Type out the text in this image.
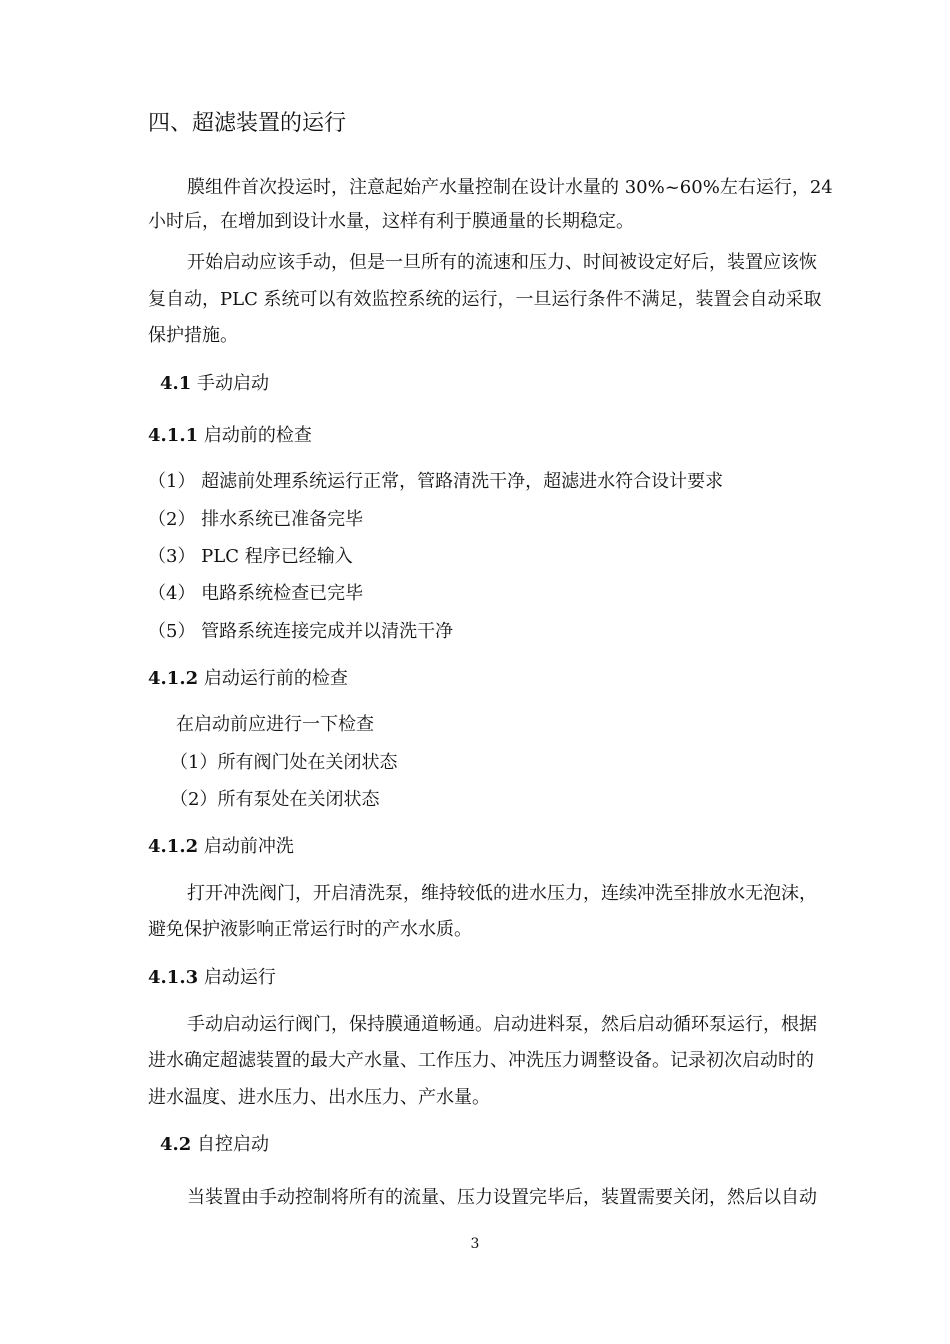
四、超滤装置的运行
膜组件首次投运时，注意起始产水量控制在设计水量的 30%~60%左右运行，24
小时后，在增加到设计水量，这样有利于膜通量的长期稳定。
开始启动应该手动，但是一旦所有的流速和压力、时间被设定好后，装置应该恢
复自动，PLC 系统可以有效监控系统的运行，一旦运行条件不满足，装置会自动采取
保护措施。
4.1 手动启动
4.1.1 启动前的检查
（1） 超滤前处理系统运行正常，管路清洗干净，超滤进水符合设计要求
（2） 排水系统已准备完毕
（3） PLC 程序已经输入
（4） 电路系统检查已完毕
（5） 管路系统连接完成并以清洗干净
4.1.2 启动运行前的检查
在启动前应进行一下检查
（1）所有阀门处在关闭状态
（2）所有泵处在关闭状态
4.1.2 启动前冲洗
打开冲洗阀门，开启清洗泵，维持较低的进水压力，连续冲洗至排放水无泡沫，
避免保护液影响正常运行时的产水水质。
4.1.3 启动运行
手动启动运行阀门，保持膜通道畅通。启动进料泵，然后启动循环泵运行，根据
进水确定超滤装置的最大产水量、工作压力、冲洗压力调整设备。记录初次启动时的
进水温度、进水压力、出水压力、产水量。
4.2 自控启动
当装置由手动控制将所有的流量、压力设置完毕后，装置需要关闭，然后以自动
3
